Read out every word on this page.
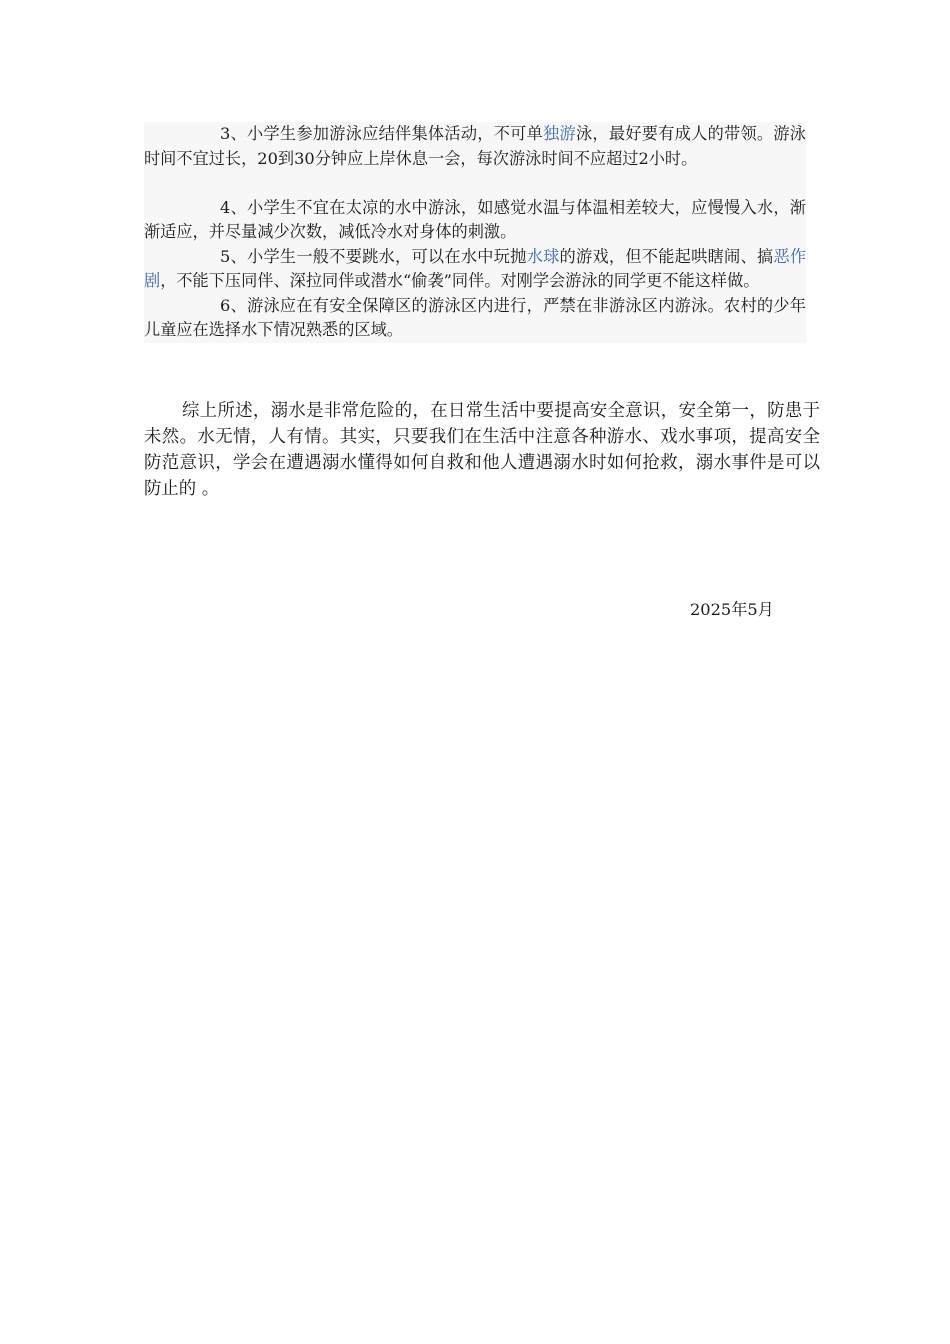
3、小学生参加游泳应结伴集体活动，不可单独游泳，最好要有成人的带领。游泳时间不宜过长，20到30分钟应上岸休息一会，每次游泳时间不应超过2小时。

4、小学生不宜在太凉的水中游泳，如感觉水温与体温相差较大，应慢慢入水，渐渐适应，并尽量减少次数，减低冷水对身体的刺激。

5、小学生一般不要跳水，可以在水中玩抛水球的游戏，但不能起哄瞎闹、搞恶作剧，不能下压同伴、深拉同伴或潜水“偷袭”同伴。对刚学会游泳的同学更不能这样做。

6、游泳应在有安全保障区的游泳区内进行，严禁在非游泳区内游泳。农村的少年儿童应在选择水下情况熟悉的区域。

综上所述，溺水是非常危险的，在日常生活中要提高安全意识，安全第一，防患于未然。水无情，人有情。其实，只要我们在生活中注意各种游水、戏水事项，提高安全防范意识，学会在遭遇溺水懂得如何自救和他人遭遇溺水时如何抢救，溺水事件是可以防止的 。

2025年5月
